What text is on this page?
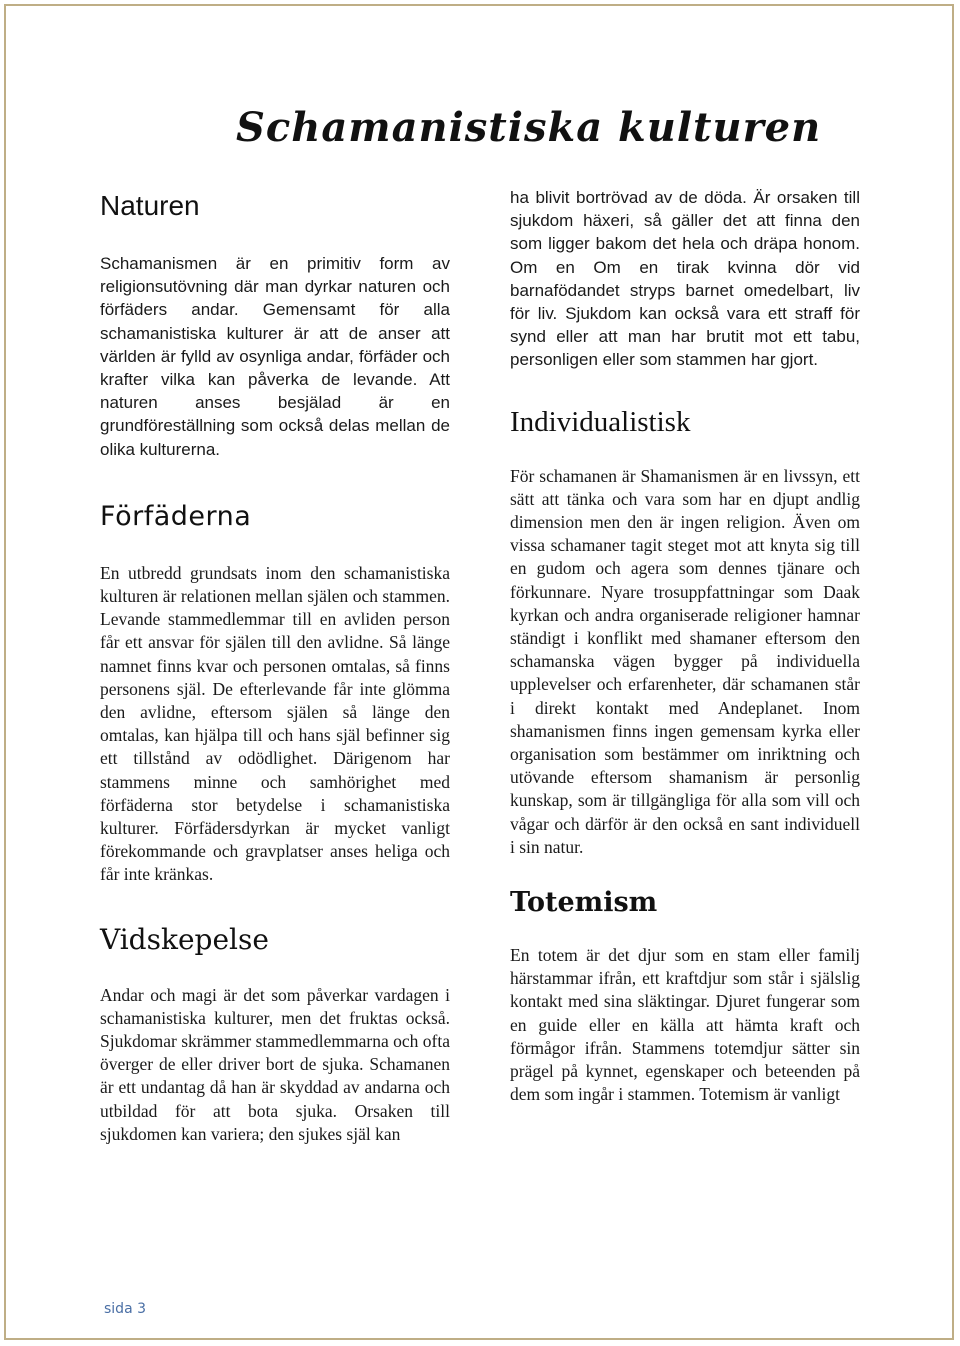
Schamanistiska kulturen
Naturen

Schamanismen är en primitiv form av religionsutövning där man dyrkar naturen och förfäders andar. Gemensamt för alla schamanistiska kulturer är att de anser att världen är fylld av osynliga andar, förfäder och krafter vilka kan påverka de levande. Att naturen anses besjälad är en grundföreställning som också delas mellan de olika kulturerna.

Förfäderna

En utbredd grundsats inom den schamanistiska kulturen är relationen mellan själen och stammen. Levande stammedlemmar till en avliden person får ett ansvar för själen till den avlidne. Så länge namnet finns kvar och personen omtalas, så finns personens själ. De efterlevande får inte glömma den avlidne, eftersom själen så länge den omtalas, kan hjälpa till och hans själ befinner sig ett tillstånd av odödlighet. Därigenom har stammens minne och samhörighet med förfäderna stor betydelse i schamanistiska kulturer. Förfädersdyrkan är mycket vanligt förekommande och gravplatser anses heliga och får inte kränkas.

Vidskepelse

Andar och magi är det som påverkar vardagen i schamanistiska kulturer, men det fruktas också. Sjukdomar skrämmer stammedlemmarna och ofta överger de eller driver bort de sjuka. Schamanen är ett undantag då han är skyddad av andarna och utbildad för att bota sjuka. Orsaken till sjukdomen kan variera; den sjukes själ kan

ha blivit bortrövad av de döda. Är orsaken till sjukdom häxeri, så gäller det att finna den som ligger bakom det hela och dräpa honom. Om en Om en tirak kvinna dör vid barnafödandet stryps barnet omedelbart, liv för liv. Sjukdom kan också vara ett straff för synd eller att man har brutit mot ett tabu, personligen eller som stammen har gjort.

Individualistisk

För schamanen är Shamanismen är en livssyn, ett sätt att tänka och vara som har en djupt andlig dimension men den är ingen religion. Även om vissa schamaner tagit steget mot att knyta sig till en gudom och agera som dennes tjänare och förkunnare. Nyare trosuppfattningar som Daak kyrkan och andra organiserade religioner hamnar ständigt i konflikt med shamaner eftersom den schamanska vägen bygger på individuella upplevelser och erfarenheter, där schamanen står i direkt kontakt med Andeplanet. Inom shamanismen finns ingen gemensam kyrka eller organisation som bestämmer om inriktning och utövande eftersom shamanism är personlig kunskap, som är tillgängliga för alla som vill och vågar och därför är den också en sant individuell i sin natur.

Totemism

En totem är det djur som en stam eller familj härstammar ifrån, ett kraftdjur som står i själslig kontakt med sina släktingar. Djuret fungerar som en guide eller en källa att hämta kraft och förmågor ifrån. Stammens totemdjur sätter sin prägel på kynnet, egenskaper och beteenden på dem som ingår i stammen. Totemism är vanligt

sida 3
